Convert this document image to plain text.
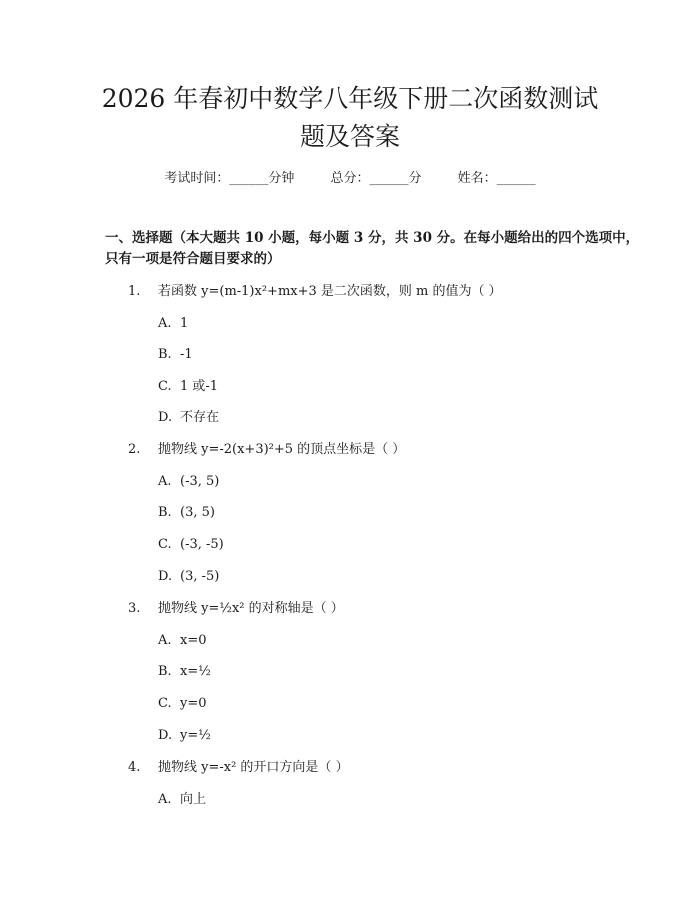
2026 年春初中数学八年级下册二次函数测试
题及答案
考试时间：______分钟	总分：______分	姓名：______
一、选择题（本大题共 10 小题，每小题 3 分，共 30 分。在每小题给出的四个选项中，只有一项是符合题目要求的）
1. 若函数 y=(m-1)x²+mx+3 是二次函数，则 m 的值为（ ）
A. 1
B. -1
C. 1 或-1
D. 不存在
2. 抛物线 y=-2(x+3)²+5 的顶点坐标是（ ）
A. (-3, 5)
B. (3, 5)
C. (-3, -5)
D. (3, -5)
3. 抛物线 y=½x² 的对称轴是（ ）
A. x=0
B. x=½
C. y=0
D. y=½
4. 抛物线 y=-x² 的开口方向是（ ）
A. 向上
